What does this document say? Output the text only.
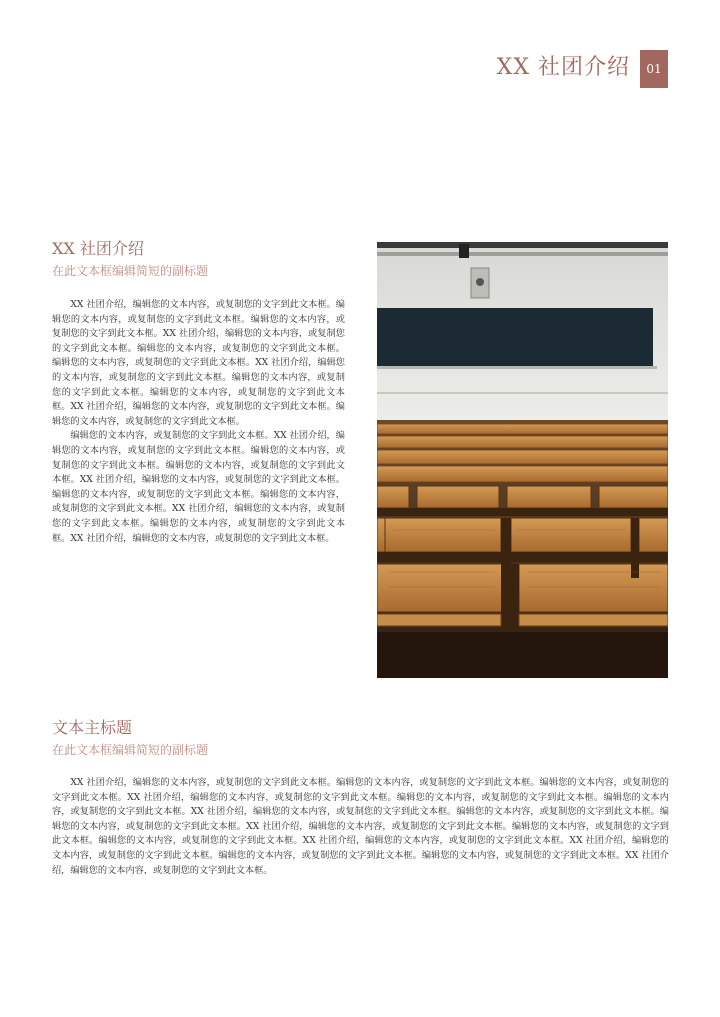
XX 社团介绍	01
XX 社团介绍
在此文本框编辑简短的副标题

XX 社团介绍，编辑您的文本内容，或复制您的文字到此文本框。编辑您的文本内容，或复制您的文字到此文本框。编辑您的文本内容，或复制您的文字到此文本框。XX 社团介绍，编辑您的文本内容，或复制您的文字到此文本框。编辑您的文本内容，或复制您的文字到此文本框。编辑您的文本内容，或复制您的文字到此文本框。XX 社团介绍，编辑您的文本内容，或复制您的文字到此文本框。编辑您的文本内容，或复制您的文字到此文本框。编辑您的文本内容，或复制您的文字到此文本框。XX 社团介绍，编辑您的文本内容，或复制您的文字到此文本框。编辑您的文本内容，或复制您的文字到此文本框。

编辑您的文本内容，或复制您的文字到此文本框。XX 社团介绍，编辑您的文本内容，或复制您的文字到此文本框。编辑您的文本内容，或复制您的文字到此文本框。编辑您的文本内容，或复制您的文字到此文本框。XX 社团介绍，编辑您的文本内容，或复制您的文字到此文本框。编辑您的文本内容，或复制您的文字到此文本框。编辑您的文本内容，或复制您的文字到此文本框。XX 社团介绍，编辑您的文本内容，或复制您的文字到此文本框。编辑您的文本内容，或复制您的文字到此文本框。XX 社团介绍，编辑您的文本内容，或复制您的文字到此文本框。

文本主标题
在此文本框编辑简短的副标题

XX 社团介绍，编辑您的文本内容，或复制您的文字到此文本框。编辑您的文本内容，或复制您的文字到此文本框。编辑您的文本内容，或复制您的文字到此文本框。XX 社团介绍，编辑您的文本内容，或复制您的文字到此文本框。编辑您的文本内容，或复制您的文字到此文本框。编辑您的文本内容，或复制您的文字到此文本框。XX 社团介绍，编辑您的文本内容，或复制您的文字到此文本框。编辑您的文本内容，或复制您的文字到此文本框。编辑您的文本内容，或复制您的文字到此文本框。XX 社团介绍，编辑您的文本内容，或复制您的文字到此文本框。编辑您的文本内容，或复制您的文字到此文本框。编辑您的文本内容，或复制您的文字到此文本框。XX 社团介绍，编辑您的文本内容，或复制您的文字到此文本框。XX 社团介绍，编辑您的文本内容，或复制您的文字到此文本框。编辑您的文本内容，或复制您的文字到此文本框。编辑您的文本内容，或复制您的文字到此文本框。XX 社团介绍，编辑您的文本内容，或复制您的文字到此文本框。
